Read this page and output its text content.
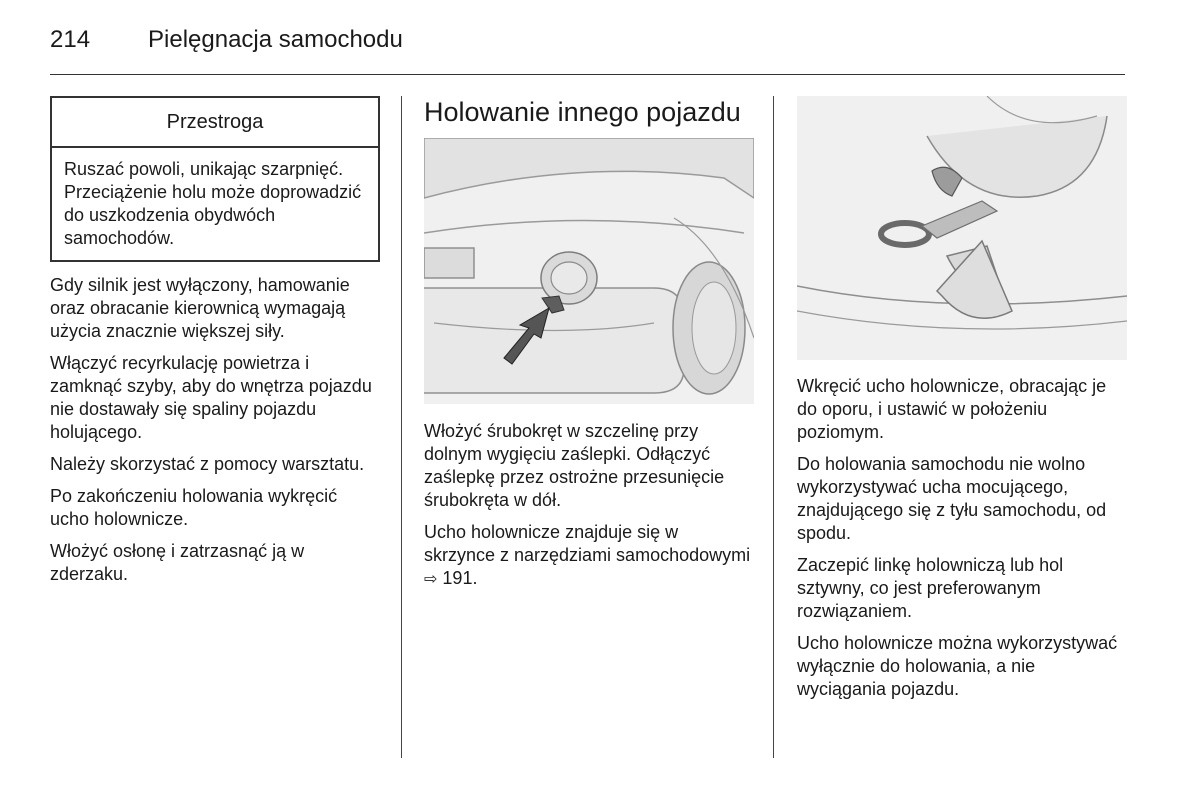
214 Pielęgnacja samochodu
Przestroga
Ruszać powoli, unikając szarpnięć. Przeciążenie holu może doprowadzić do uszkodzenia obydwóch samochodów.

Gdy silnik jest wyłączony, hamowanie oraz obracanie kierownicą wymagają użycia znacznie większej siły.

Włączyć recyrkulację powietrza i zamknąć szyby, aby do wnętrza pojazdu nie dostawały się spaliny pojazdu holującego.

Należy skorzystać z pomocy warsztatu.

Po zakończeniu holowania wykręcić ucho holownicze.

Włożyć osłonę i zatrzasnąć ją w zderzaku.

Holowanie innego pojazdu

Włożyć śrubokręt w szczelinę przy dolnym wygięciu zaślepki. Odłączyć zaślepkę przez ostrożne przesunięcie śrubokręta w dół.

Ucho holownicze znajduje się w skrzynce z narzędziami samochodowymi ⇨ 191.

Wkręcić ucho holownicze, obracając je do oporu, i ustawić w położeniu poziomym.

Do holowania samochodu nie wolno wykorzystywać ucha mocującego, znajdującego się z tyłu samochodu, od spodu.

Zaczepić linkę holowniczą lub hol sztywny, co jest preferowanym rozwiązaniem.

Ucho holownicze można wykorzystywać wyłącznie do holowania, a nie wyciągania pojazdu.
